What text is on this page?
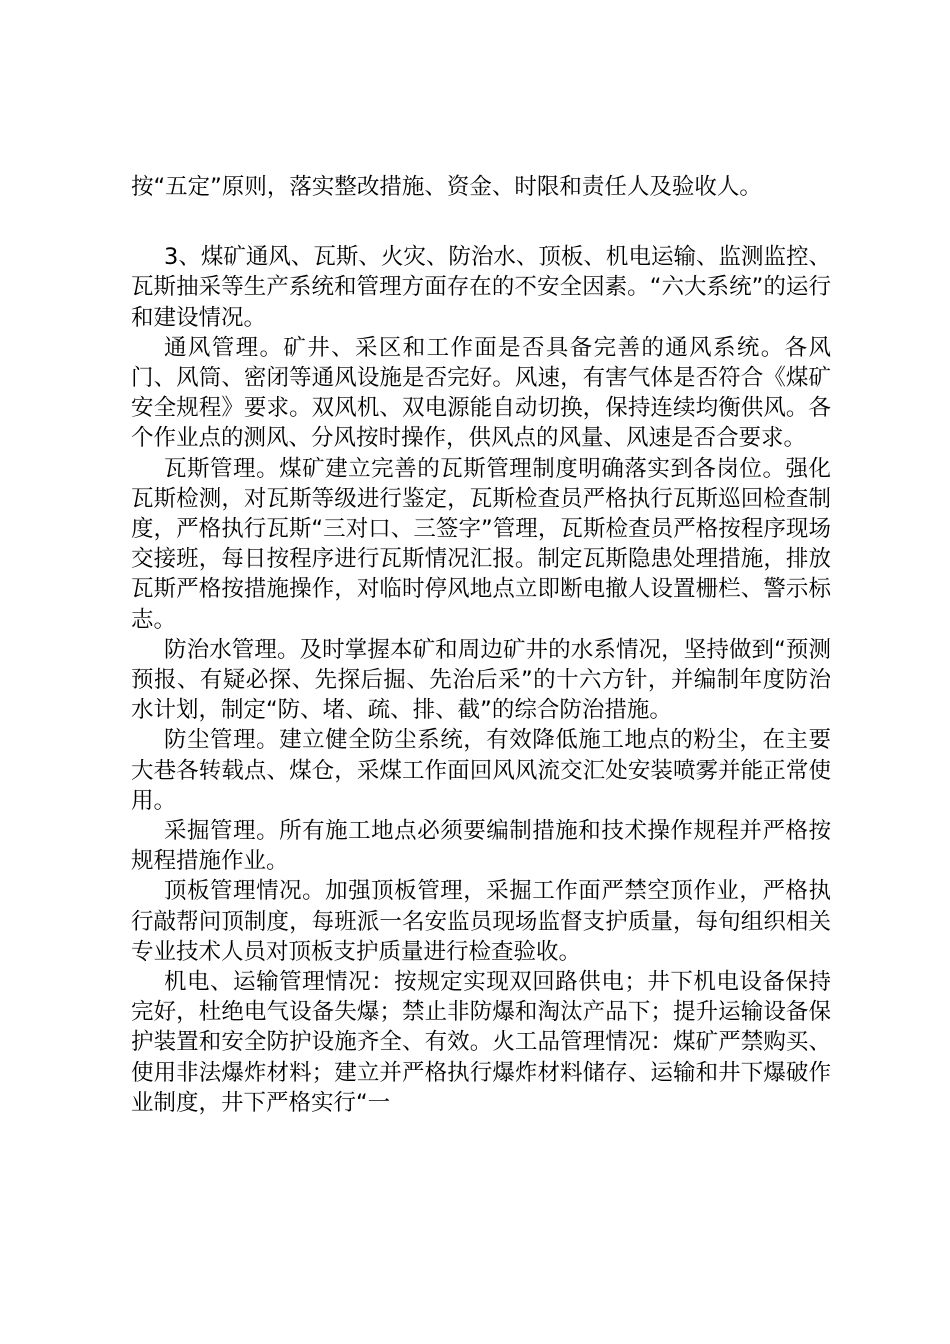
按“五定”原则，落实整改措施、资金、时限和责任人及验收人。

3、煤矿通风、瓦斯、火灾、防治水、顶板、机电运输、监测监控、瓦斯抽采等生产系统和管理方面存在的不安全因素。“六大系统”的运行和建设情况。

通风管理。矿井、采区和工作面是否具备完善的通风系统。各风门、风筒、密闭等通风设施是否完好。风速，有害气体是否符合《煤矿安全规程》要求。双风机、双电源能自动切换，保持连续均衡供风。各个作业点的测风、分风按时操作，供风点的风量、风速是否合要求。

瓦斯管理。煤矿建立完善的瓦斯管理制度明确落实到各岗位。强化瓦斯检测，对瓦斯等级进行鉴定，瓦斯检查员严格执行瓦斯巡回检查制度，严格执行瓦斯“三对口、三签字”管理，瓦斯检查员严格按程序现场交接班，每日按程序进行瓦斯情况汇报。制定瓦斯隐患处理措施，排放瓦斯严格按措施操作，对临时停风地点立即断电撤人设置栅栏、警示标志。

防治水管理。及时掌握本矿和周边矿井的水系情况，坚持做到“预测预报、有疑必探、先探后掘、先治后采”的十六方针，并编制年度防治水计划，制定“防、堵、疏、排、截”的综合防治措施。

防尘管理。建立健全防尘系统，有效降低施工地点的粉尘，在主要大巷各转载点、煤仓，采煤工作面回风风流交汇处安装喷雾并能正常使用。

采掘管理。所有施工地点必须要编制措施和技术操作规程并严格按规程措施作业。

顶板管理情况。加强顶板管理，采掘工作面严禁空顶作业，严格执行敲帮问顶制度，每班派一名安监员现场监督支护质量，每旬组织相关专业技术人员对顶板支护质量进行检查验收。

机电、运输管理情况：按规定实现双回路供电；井下机电设备保持完好，杜绝电气设备失爆；禁止非防爆和淘汰产品下；提升运输设备保护装置和安全防护设施齐全、有效。火工品管理情况：煤矿严禁购买、使用非法爆炸材料；建立并严格执行爆炸材料储存、运输和井下爆破作业制度，井下严格实行“一
